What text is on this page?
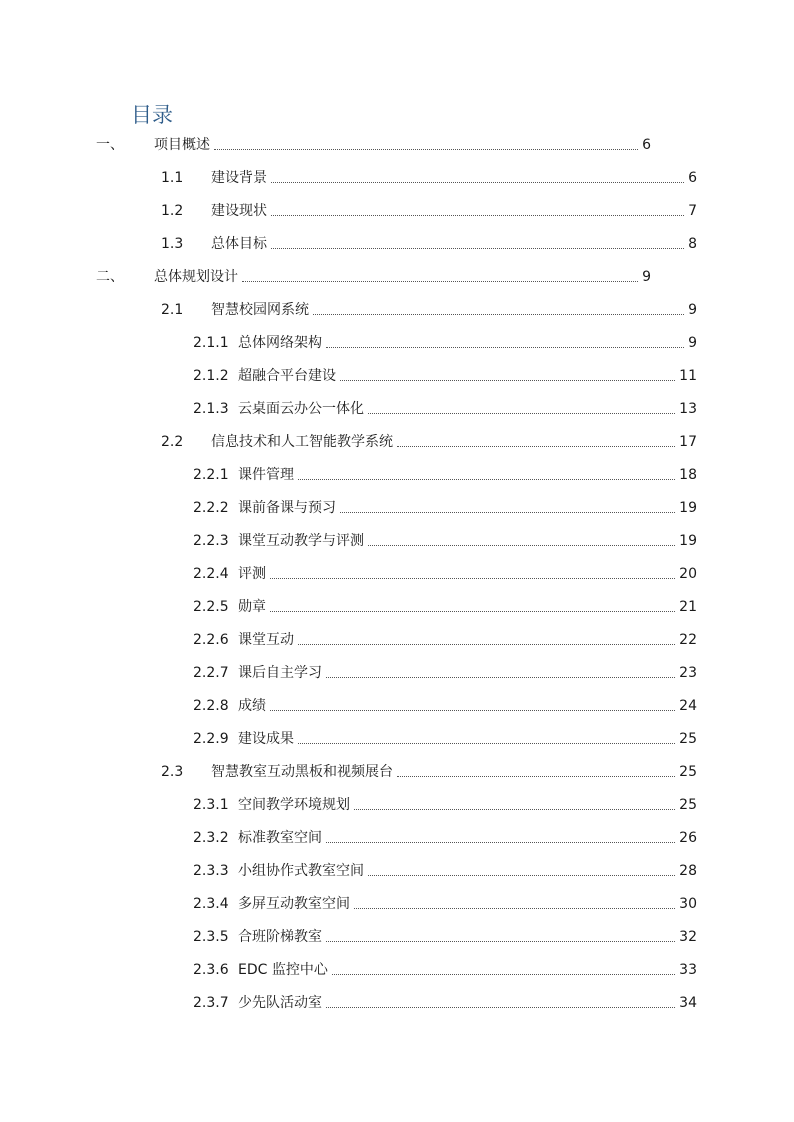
目录
一、 项目概述	6
1.1 建设背景	6
1.2 建设现状	7
1.3 总体目标	8
二、 总体规划设计	9
2.1 智慧校园网系统	9
2.1.1 总体网络架构	9
2.1.2 超融合平台建设	11
2.1.3 云桌面云办公一体化	13
2.2 信息技术和人工智能教学系统	17
2.2.1 课件管理	18
2.2.2 课前备课与预习	19
2.2.3 课堂互动教学与评测	19
2.2.4 评测	20
2.2.5 勋章	21
2.2.6 课堂互动	22
2.2.7 课后自主学习	23
2.2.8 成绩	24
2.2.9 建设成果	25
2.3 智慧教室互动黑板和视频展台	25
2.3.1 空间教学环境规划	25
2.3.2 标准教室空间	26
2.3.3 小组协作式教室空间	28
2.3.4 多屏互动教室空间	30
2.3.5 合班阶梯教室	32
2.3.6 EDC 监控中心	33
2.3.7 少先队活动室	34
